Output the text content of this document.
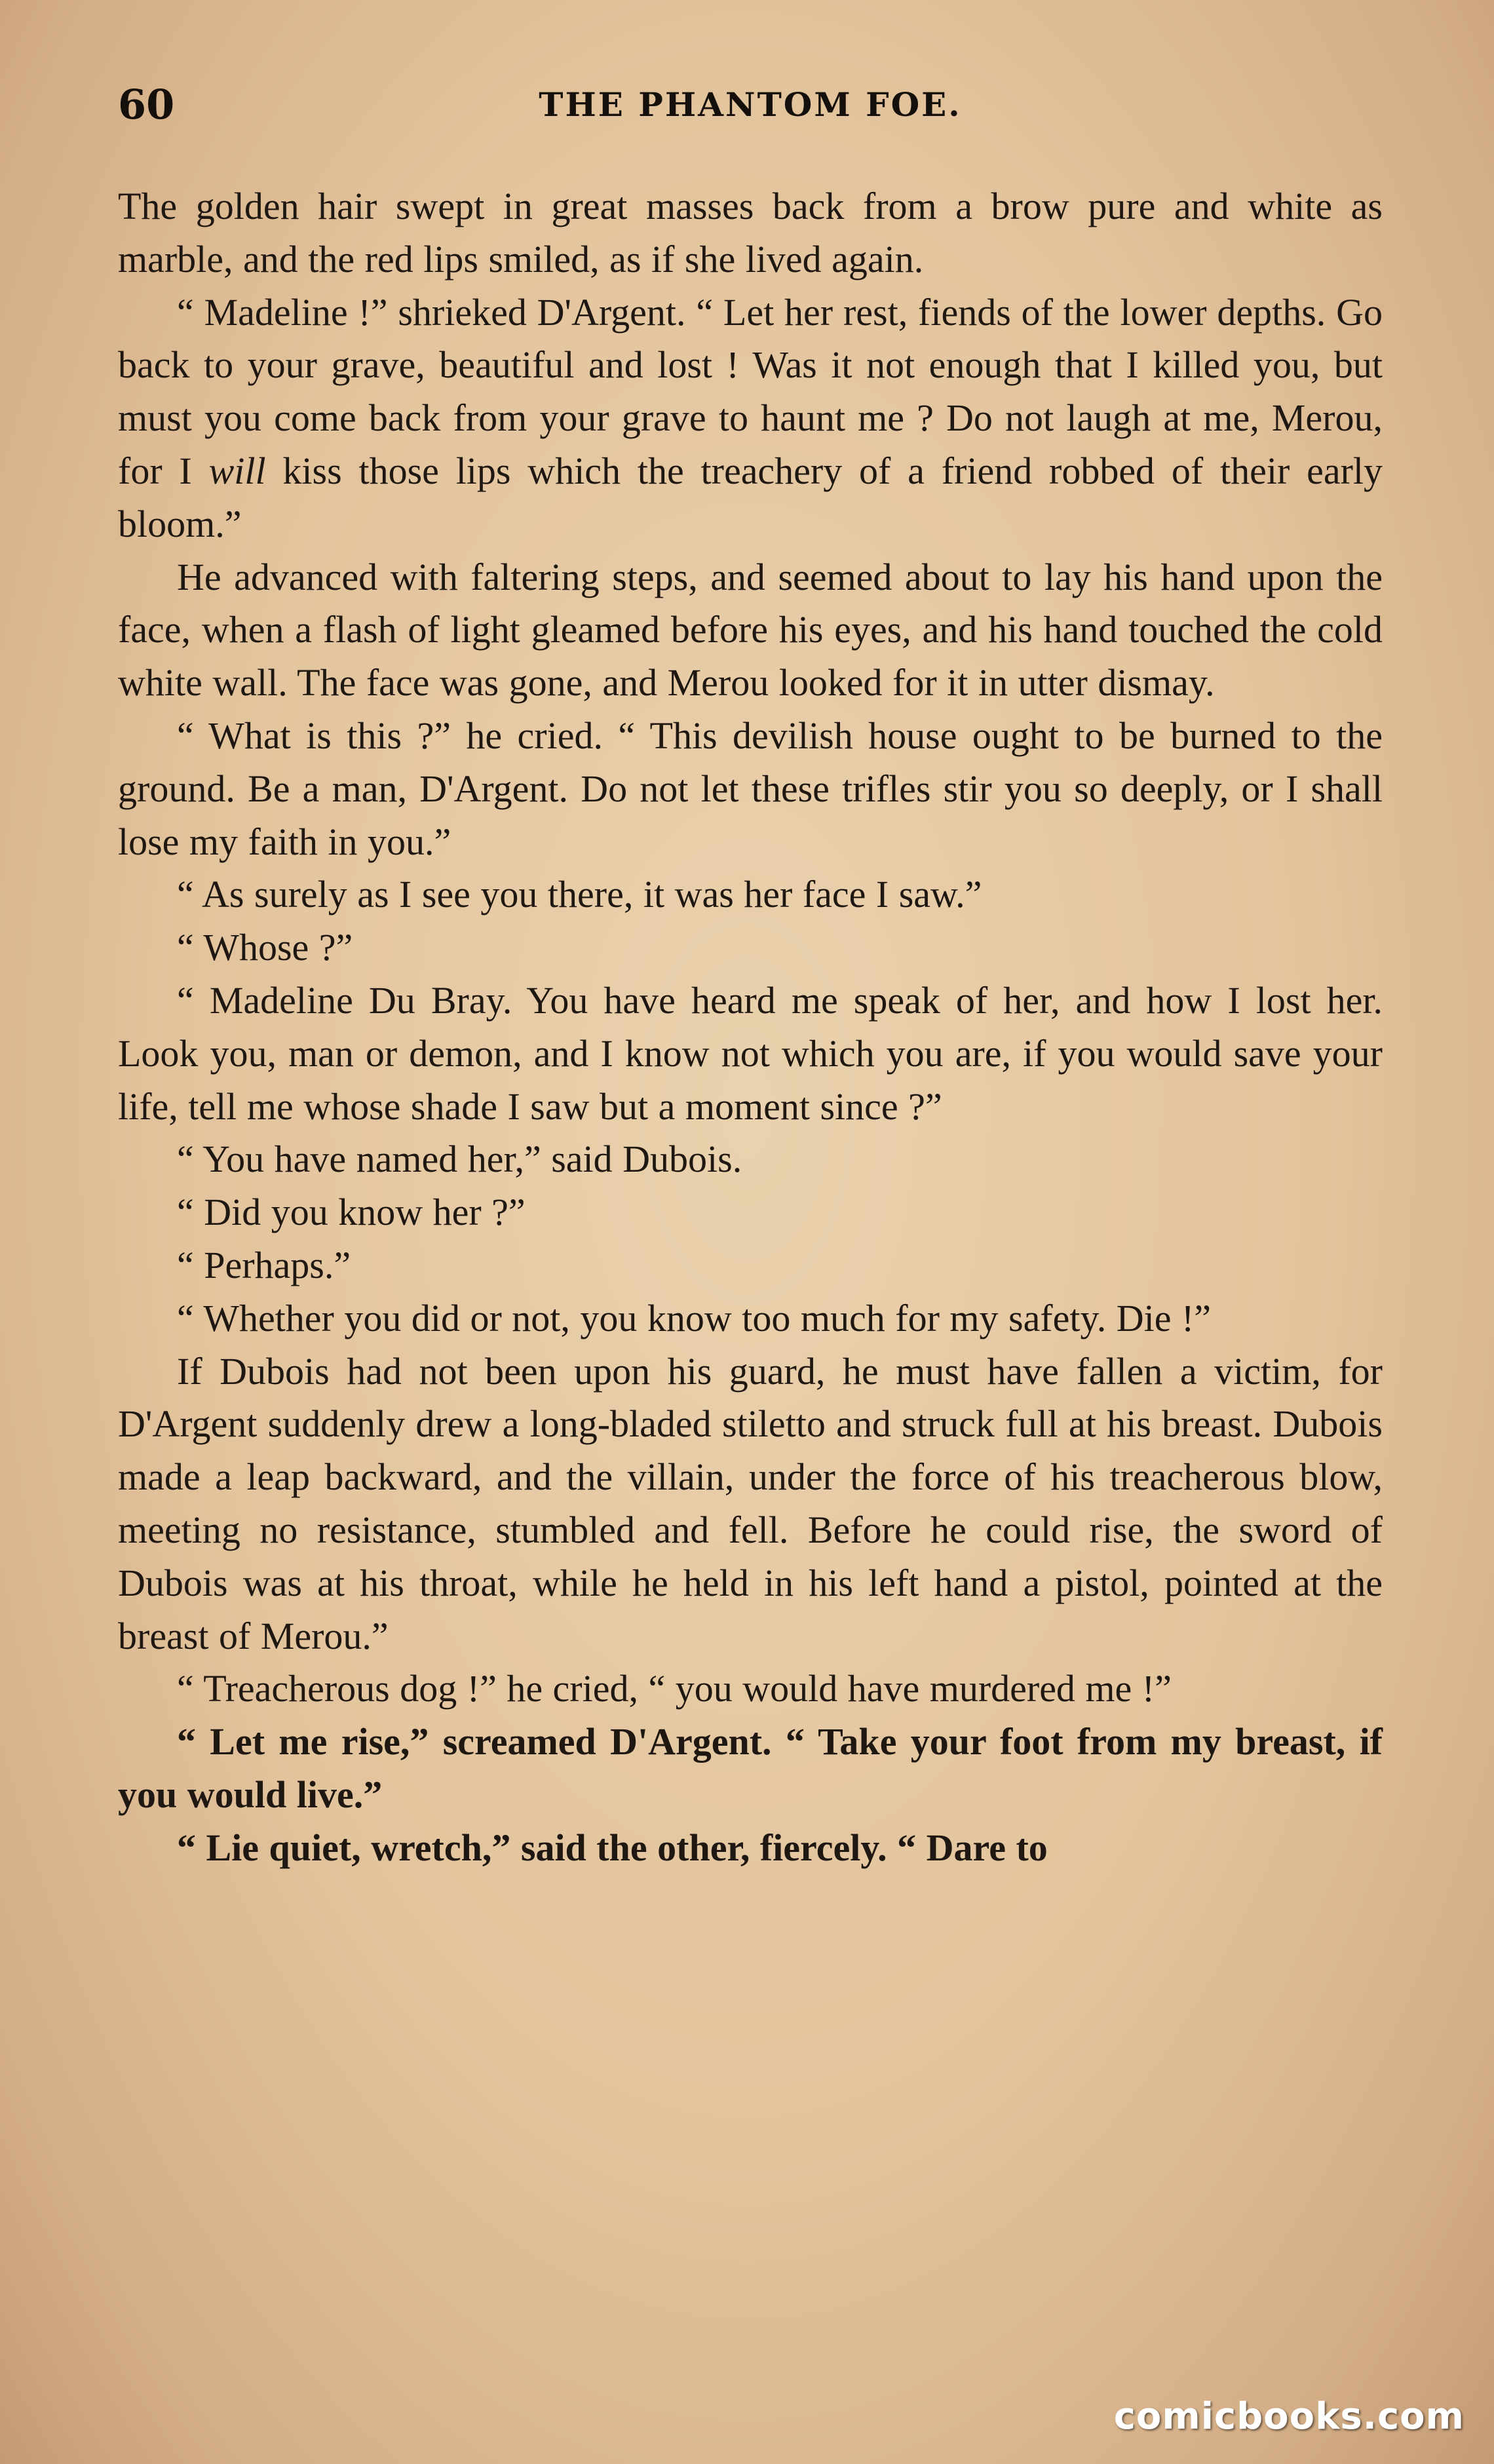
60	THE PHANTOM FOE.

The golden hair swept in great masses back from a brow pure and white as marble, and the red lips smiled, as if she lived again.

“ Madeline !” shrieked D'Argent. “ Let her rest, fiends of the lower depths. Go back to your grave, beautiful and lost ! Was it not enough that I killed you, but must you come back from your grave to haunt me ? Do not laugh at me, Merou, for I will kiss those lips which the treachery of a friend robbed of their early bloom.”

He advanced with faltering steps, and seemed about to lay his hand upon the face, when a flash of light gleamed before his eyes, and his hand touched the cold white wall. The face was gone, and Merou looked for it in utter dismay.

“ What is this ?” he cried. “ This devilish house ought to be burned to the ground. Be a man, D'Argent. Do not let these trifles stir you so deeply, or I shall lose my faith in you.”

“ As surely as I see you there, it was her face I saw.”

“ Whose ?”

“ Madeline Du Bray. You have heard me speak of her, and how I lost her. Look you, man or demon, and I know not which you are, if you would save your life, tell me whose shade I saw but a moment since ?”

“ You have named her,” said Dubois.

“ Did you know her ?”

“ Perhaps.”

“ Whether you did or not, you know too much for my safety. Die !”

If Dubois had not been upon his guard, he must have fallen a victim, for D'Argent suddenly drew a long-bladed stiletto and struck full at his breast. Dubois made a leap backward, and the villain, under the force of his treacherous blow, meeting no resistance, stumbled and fell. Before he could rise, the sword of Dubois was at his throat, while he held in his left hand a pistol, pointed at the breast of Merou.”

“ Treacherous dog !” he cried, “ you would have murdered me !”

“ Let me rise,” screamed D'Argent. “ Take your foot from my breast, if you would live.”

“ Lie quiet, wretch,” said the other, fiercely. “ Dare to

comicbooks.com
